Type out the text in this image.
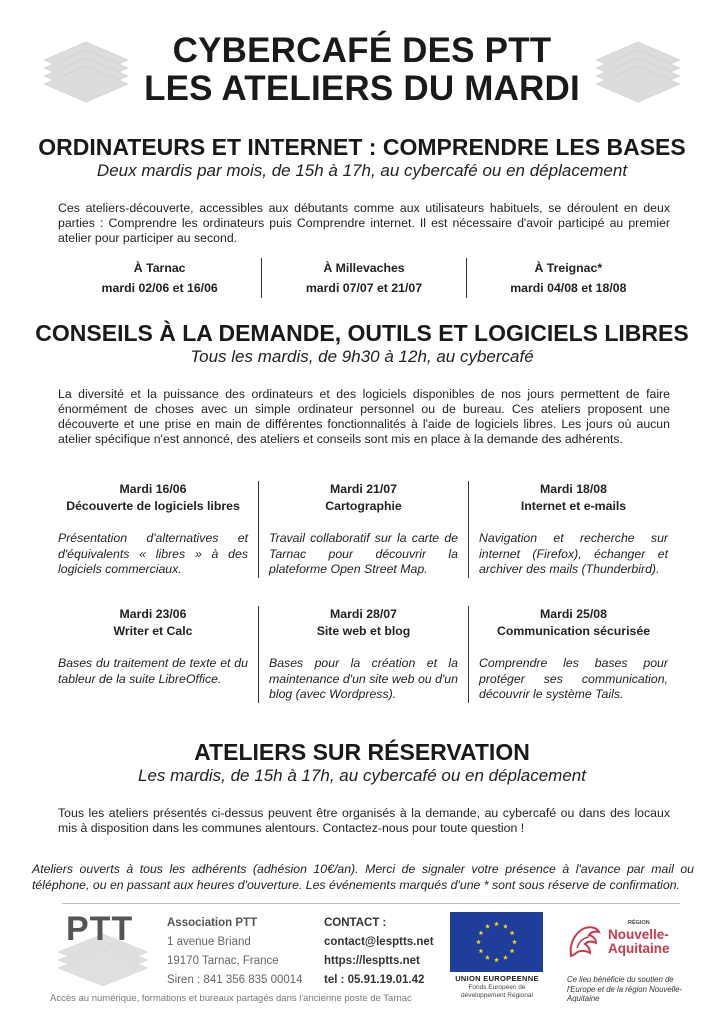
CYBERCAFÉ DES PTT
LES ATELIERS DU MARDI
ORDINATEURS ET INTERNET : COMPRENDRE LES BASES
Deux mardis par mois, de 15h à 17h, au cybercafé ou en déplacement
Ces ateliers-découverte, accessibles aux débutants comme aux utilisateurs habituels, se déroulent en deux parties : Comprendre les ordinateurs puis Comprendre internet. Il est nécessaire d'avoir participé au premier atelier pour participer au second.
À Tarnac
mardi 02/06 et 16/06
À Millevaches
mardi 07/07 et 21/07
À Treignac*
mardi 04/08 et 18/08
CONSEILS À LA DEMANDE, OUTILS ET LOGICIELS LIBRES
Tous les mardis, de 9h30 à 12h, au cybercafé
La diversité et la puissance des ordinateurs et des logiciels disponibles de nos jours permettent de faire énormément de choses avec un simple ordinateur personnel ou de bureau. Ces ateliers proposent une découverte et une prise en main de différentes fonctionnalités à l'aide de logiciels libres. Les jours où aucun atelier spécifique n'est annoncé, des ateliers et conseils sont mis en place à la demande des adhérents.
Mardi 16/06
Découverte de logiciels libres
Présentation d'alternatives et d'équivalents « libres » à des logiciels commerciaux.
Mardi 21/07
Cartographie
Travail collaboratif sur la carte de Tarnac pour découvrir la plateforme Open Street Map.
Mardi 18/08
Internet et e-mails
Navigation et recherche sur internet (Firefox), échanger et archiver des mails (Thunderbird).
Mardi 23/06
Writer et Calc
Bases du traitement de texte et du tableur de la suite LibreOffice.
Mardi 28/07
Site web et blog
Bases pour la création et la maintenance d'un site web ou d'un blog (avec Wordpress).
Mardi 25/08
Communication sécurisée
Comprendre les bases pour protéger ses communication, découvrir le système Tails.
ATELIERS SUR RÉSERVATION
Les mardis, de 15h à 17h, au cybercafé ou en déplacement
Tous les ateliers présentés ci-dessus peuvent être organisés à la demande, au cybercafé ou dans des locaux mis à disposition dans les communes alentours. Contactez-nous pour toute question !
Ateliers ouverts à tous les adhérents (adhésion 10€/an). Merci de signaler votre présence à l'avance par mail ou téléphone, ou en passant aux heures d'ouverture. Les événements marqués d'une * sont sous réserve de confirmation.
PTT	Association PTT
1 avenue Briand
19170 Tarnac, France
Siren : 841 356 835 00014
CONTACT :
contact@lesptts.net
https://lesptts.net
tel : 05.91.19.01.42	UNION EUROPEENNE
Fonds Européen de
développement Régional
RÉGION
Nouvelle-
Aquitaine
Ce lieu bénéficie du soutien de l'Europe et de la région Nouvelle-Aquitaine
Accès au numérique, formations et bureaux partagés dans l'ancienne poste de Tarnac
